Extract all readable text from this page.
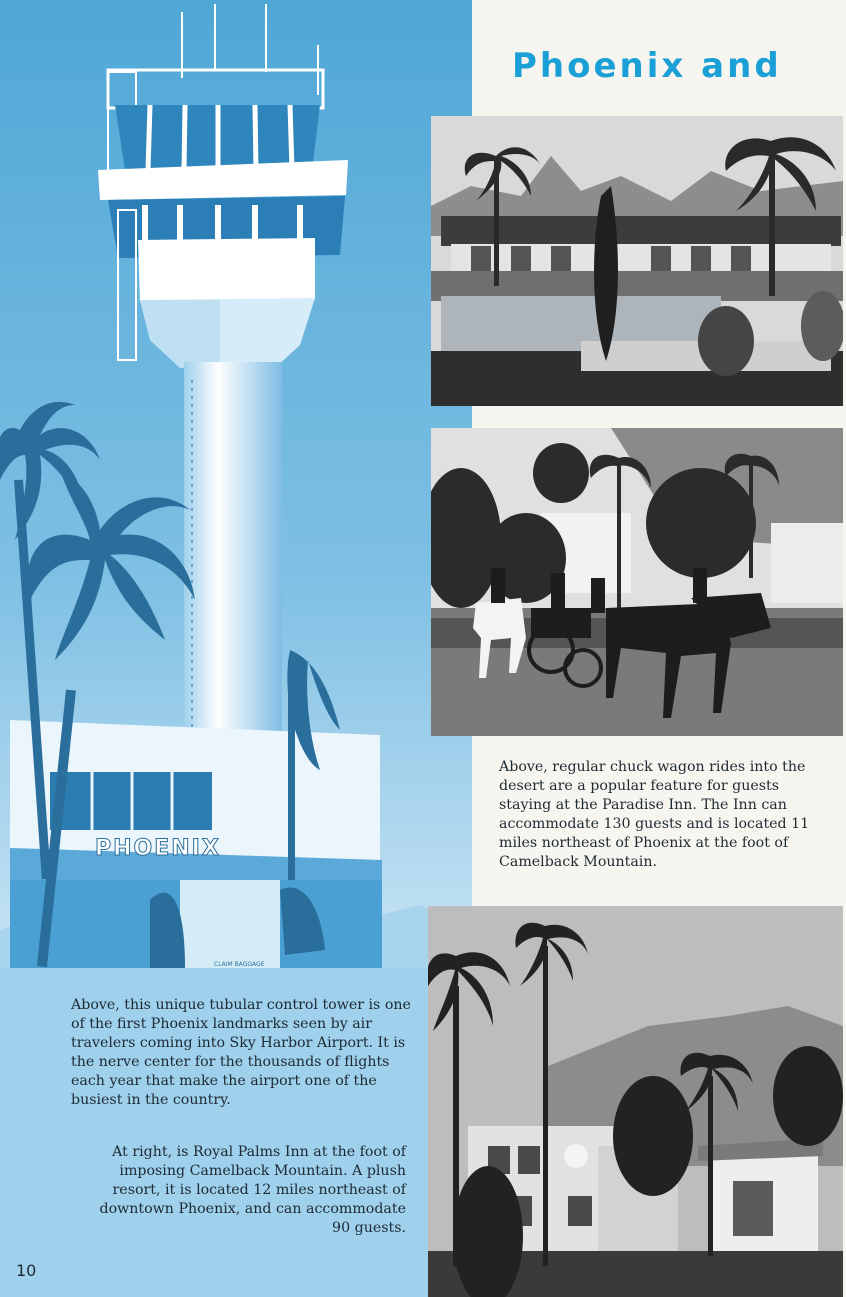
PHOENIX
CLAIM BAGGAGE

Above, this unique tubular control tower is one of the first Phoenix landmarks seen by air travelers coming into Sky Harbor Airport. It is the nerve center for the thousands of flights each year that make the airport one of the busiest in the country.

At right, is Royal Palms Inn at the foot of imposing Camelback Mountain. A plush resort, it is located 12 miles northeast of downtown Phoenix, and can accommodate 90 guests.

10
Phoenix and

Above, regular chuck wagon rides into the desert are a popular feature for guests staying at the Paradise Inn. The Inn can accommodate 130 guests and is located 11 miles northeast of Phoenix at the foot of Camelback Mountain.
